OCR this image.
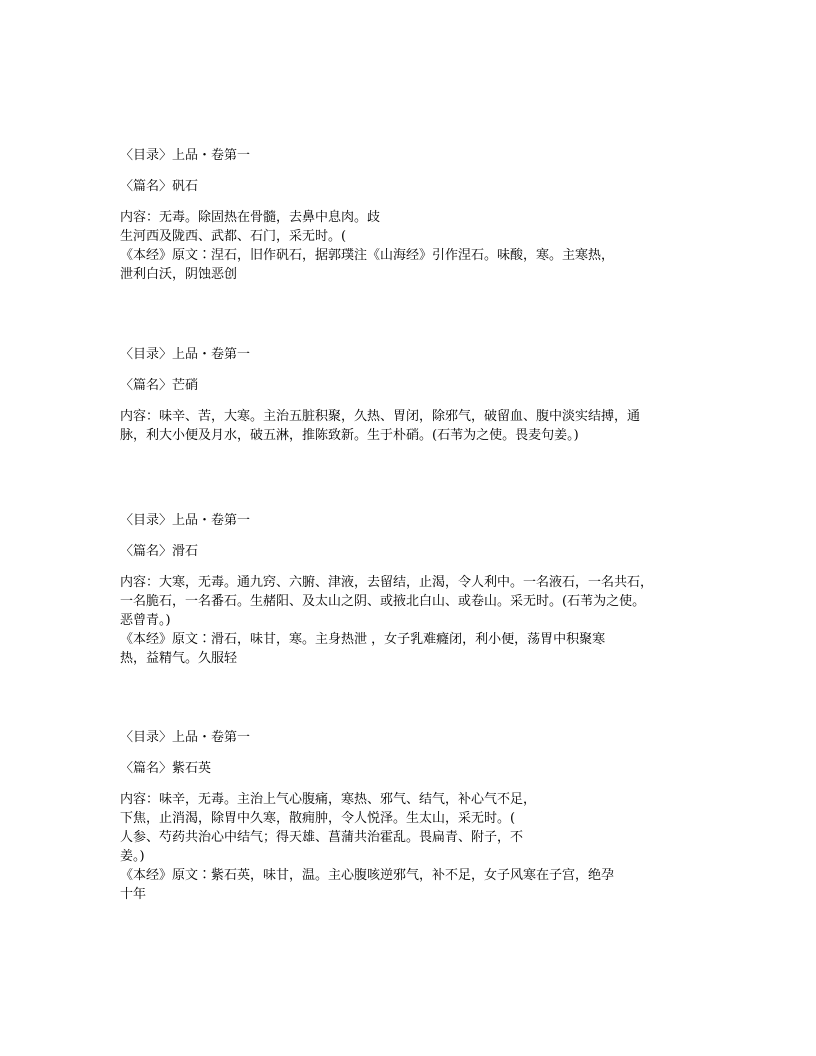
〈目录〉上品・卷第一
〈篇名〉矾石
内容：无毒。除固热在骨髓，去鼻中息肉。歧
生河西及陇西、武都、石门，采无时。(
《本经》原文∶涅石，旧作矾石，据郭璞注《山海经》引作涅石。味酸，寒。主寒热，
泄利白沃，阴蚀恶创
〈目录〉上品・卷第一
〈篇名〉芒硝
内容：味辛、苦，大寒。主治五脏积聚，久热、胃闭，除邪气，破留血、腹中淡实结搏，通
脉，利大小便及月水，破五淋，推陈致新。生于朴硝。(石苇为之使。畏麦句姜。)
〈目录〉上品・卷第一
〈篇名〉滑石
内容：大寒，无毒。通九窍、六腑、津液，去留结，止渴，令人利中。一名液石，一名共石，
一名脆石，一名番石。生赭阳、及太山之阴、或掖北白山、或卷山。采无时。(石苇为之使。
恶曾青。)
《本经》原文∶滑石，味甘，寒。主身热泄 ，女子乳难癃闭，利小便，荡胃中积聚寒
热，益精气。久服轻
〈目录〉上品・卷第一
〈篇名〉紫石英
内容：味辛，无毒。主治上气心腹痛，寒热、邪气、结气，补心气不足，
下焦，止消渴，除胃中久寒，散痈肿，令人悦泽。生太山，采无时。(
人参、芍药共治心中结气；得天雄、菖蒲共治霍乱。畏扁青、附子，不
姜。)
《本经》原文∶紫石英，味甘，温。主心腹咳逆邪气，补不足，女子风寒在子宫，绝孕
十年
